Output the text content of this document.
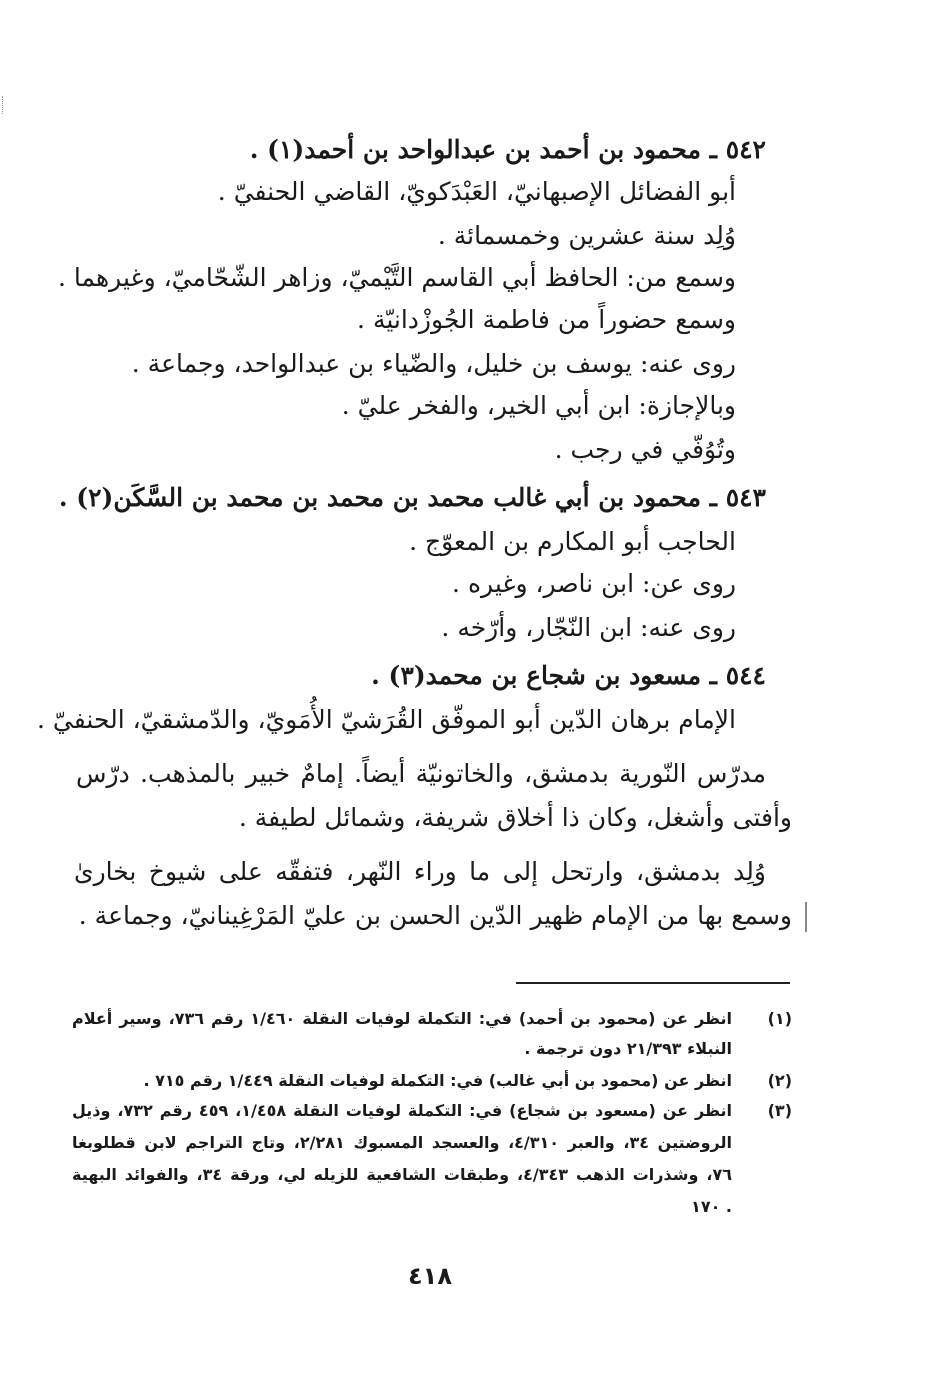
٥٤٢ ـ محمود بن أحمد بن عبدالواحد بن أحمد(١) .
أبو الفضائل الإصبهانيّ، العَبْدَكويّ، القاضي الحنفيّ .
وُلِد سنة عشرين وخمسمائة .
وسمع من: الحافظ أبي القاسم التَّيْميّ، وزاهر الشّحّاميّ، وغيرهما .
وسمع حضوراً من فاطمة الجُوزْدانيّة .
روى عنه: يوسف بن خليل، والضّياء بن عبدالواحد، وجماعة .
وبالإجازة: ابن أبي الخير، والفخر عليّ .
وتُوُفّي في رجب .
٥٤٣ ـ محمود بن أبي غالب محمد بن محمد بن محمد بن السَّكَن(٢) .
الحاجب أبو المكارم بن المعوّج .
روى عن: ابن ناصر، وغيره .
روى عنه: ابن النّجّار، وأرّخه .
٥٤٤ ـ مسعود بن شجاع بن محمد(٣) .
الإمام برهان الدّين أبو الموفّق القُرَشيّ الأُمَويّ، والدّمشقيّ، الحنفيّ .
مدرّس النّورية بدمشق، والخاتونيّة أيضاً. إمامٌ خبير بالمذهب. درّس
وأفتى وأشغل، وكان ذا أخلاق شريفة، وشمائل لطيفة .
وُلِد بدمشق، وارتحل إلى ما وراء النّهر، فتفقّه على شيوخ بخارىٰ
وسمع بها من الإمام ظهير الدّين الحسن بن عليّ المَرْغِينانيّ، وجماعة .
(١)
انظر عن (محمود بن أحمد) في: التكملة لوفيات النقلة ١/٤٦٠ رقم ٧٣٦، وسير أعلام
النبلاء ٢١/٣٩٣ دون ترجمة .
(٢)
انظر عن (محمود بن أبي غالب) في: التكملة لوفيات النقلة ١/٤٤٩ رقم ٧١٥ .
(٣)
انظر عن (مسعود بن شجاع) في: التكملة لوفيات النقلة ١/٤٥٨، ٤٥٩ رقم ٧٣٢، وذيل
الروضتين ٣٤، والعبر ٤/٣١٠، والعسجد المسبوك ٢/٢٨١، وتاج التراجم لابن قطلوبغا
٧٦، وشذرات الذهب ٤/٣٤٣، وطبقات الشافعية للزيله لي، ورقة ٣٤، والفوائد البهية
. ١٧٠
٤١٨
